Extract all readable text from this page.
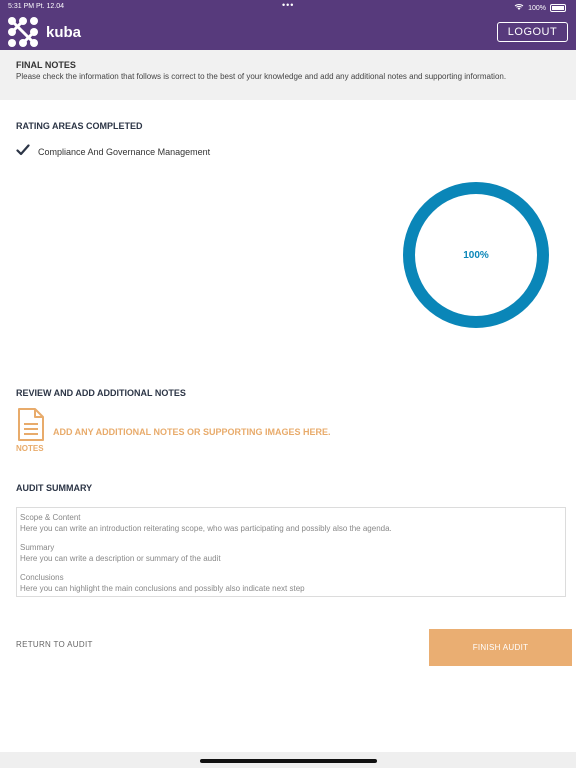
5:31 PM Pt. 12.04	•••	100%
kuba	LOGOUT
FINAL NOTES
Please check the information that follows is correct to the best of your knowledge and add any additional notes and supporting information.
RATING AREAS COMPLETED
Compliance And Governance Management
100%
REVIEW AND ADD ADDITIONAL NOTES
NOTES
ADD ANY ADDITIONAL NOTES OR SUPPORTING IMAGES HERE.
AUDIT SUMMARY
Scope & Content
Here you can write an introduction reiterating scope, who was participating and possibly also the agenda.
Summary
Here you can write a description or summary of the audit
Conclusions
Here you can highlight the main conclusions and possibly also indicate next step
RETURN TO AUDIT	FINISH AUDIT
